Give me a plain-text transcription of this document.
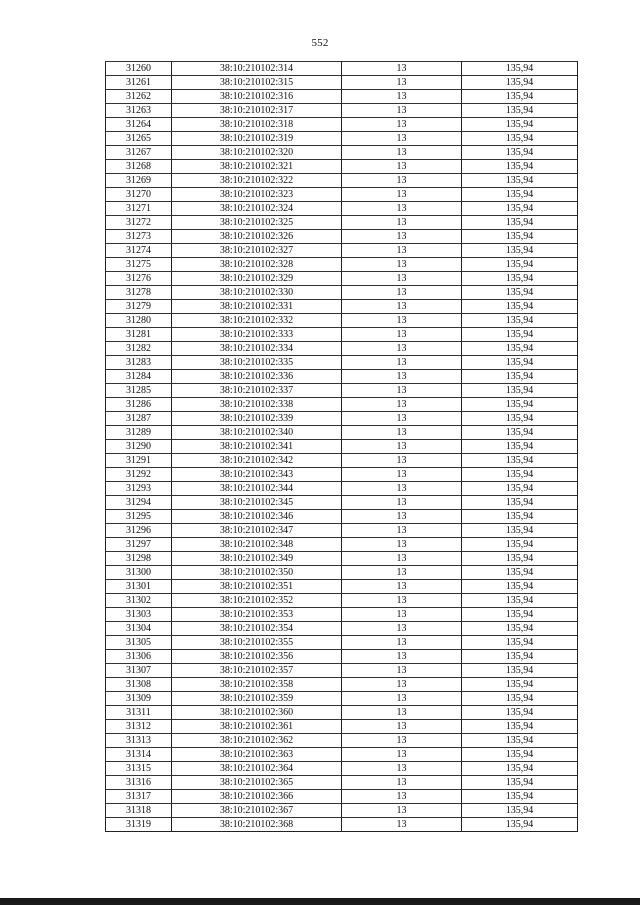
552
31260	38:10:210102:314	13	135,94
31261	38:10:210102:315	13	135,94
31262	38:10:210102:316	13	135,94
31263	38:10:210102:317	13	135,94
31264	38:10:210102:318	13	135,94
31265	38:10:210102:319	13	135,94
31267	38:10:210102:320	13	135,94
31268	38:10:210102:321	13	135,94
31269	38:10:210102:322	13	135,94
31270	38:10:210102:323	13	135,94
31271	38:10:210102:324	13	135,94
31272	38:10:210102:325	13	135,94
31273	38:10:210102:326	13	135,94
31274	38:10:210102:327	13	135,94
31275	38:10:210102:328	13	135,94
31276	38:10:210102:329	13	135,94
31278	38:10:210102:330	13	135,94
31279	38:10:210102:331	13	135,94
31280	38:10:210102:332	13	135,94
31281	38:10:210102:333	13	135,94
31282	38:10:210102:334	13	135,94
31283	38:10:210102:335	13	135,94
31284	38:10:210102:336	13	135,94
31285	38:10:210102:337	13	135,94
31286	38:10:210102:338	13	135,94
31287	38:10:210102:339	13	135,94
31289	38:10:210102:340	13	135,94
31290	38:10:210102:341	13	135,94
31291	38:10:210102:342	13	135,94
31292	38:10:210102:343	13	135,94
31293	38:10:210102:344	13	135,94
31294	38:10:210102:345	13	135,94
31295	38:10:210102:346	13	135,94
31296	38:10:210102:347	13	135,94
31297	38:10:210102:348	13	135,94
31298	38:10:210102:349	13	135,94
31300	38:10:210102:350	13	135,94
31301	38:10:210102:351	13	135,94
31302	38:10:210102:352	13	135,94
31303	38:10:210102:353	13	135,94
31304	38:10:210102:354	13	135,94
31305	38:10:210102:355	13	135,94
31306	38:10:210102:356	13	135,94
31307	38:10:210102:357	13	135,94
31308	38:10:210102:358	13	135,94
31309	38:10:210102:359	13	135,94
31311	38:10:210102:360	13	135,94
31312	38:10:210102:361	13	135,94
31313	38:10:210102:362	13	135,94
31314	38:10:210102:363	13	135,94
31315	38:10:210102:364	13	135,94
31316	38:10:210102:365	13	135,94
31317	38:10:210102:366	13	135,94
31318	38:10:210102:367	13	135,94
31319	38:10:210102:368	13	135,94
